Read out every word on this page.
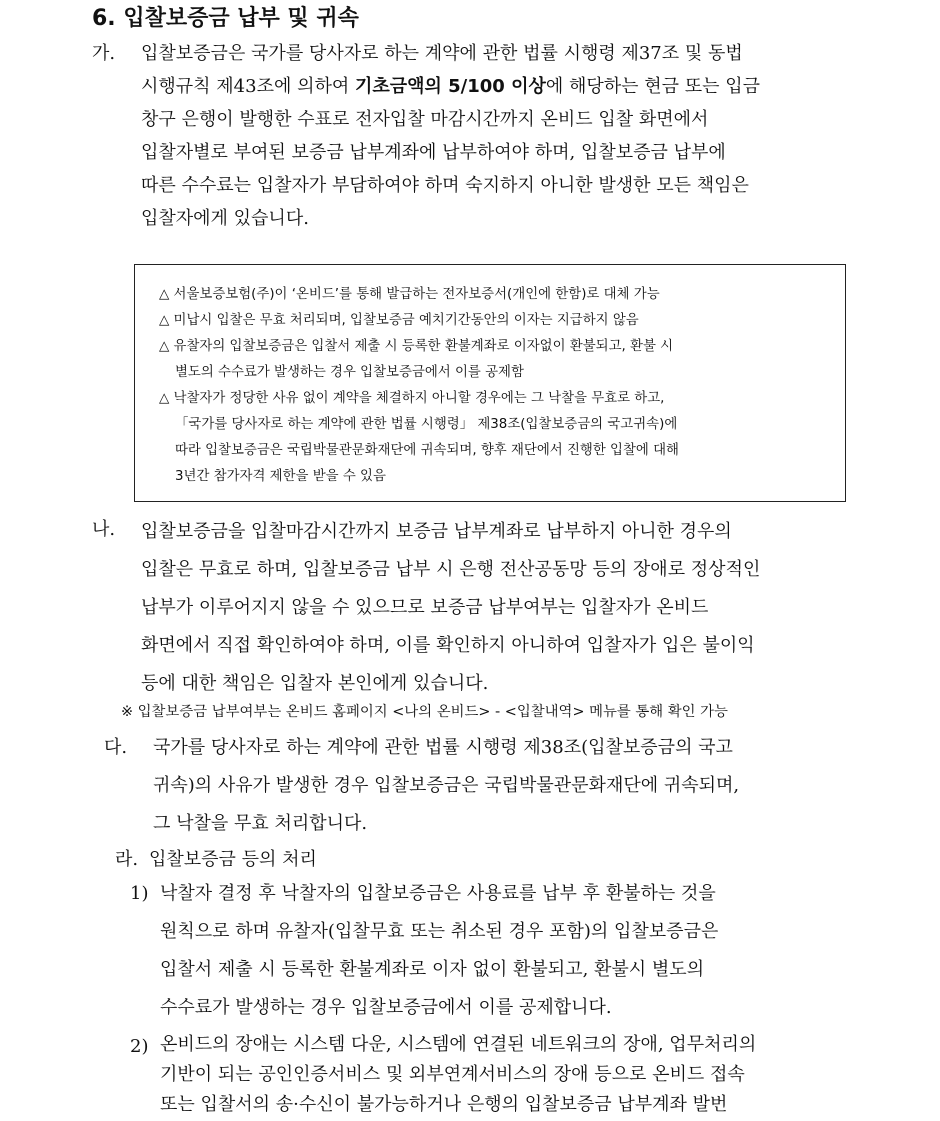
6. 입찰보증금 납부 및 귀속
가. 입찰보증금은 국가를 당사자로 하는 계약에 관한 법률 시행령 제37조 및 동법
시행규칙 제43조에 의하여 기초금액의 5/100 이상에 해당하는 현금 또는 입금
창구 은행이 발행한 수표로 전자입찰 마감시간까지 온비드 입찰 화면에서
입찰자별로 부여된 보증금 납부계좌에 납부하여야 하며, 입찰보증금 납부에
따른 수수료는 입찰자가 부담하여야 하며 숙지하지 아니한 발생한 모든 책임은
입찰자에게 있습니다.
△ 서울보증보험(주)이 ‘온비드’를 통해 발급하는 전자보증서(개인에 한함)로 대체 가능
△ 미납시 입찰은 무효 처리되며, 입찰보증금 예치기간동안의 이자는 지급하지 않음
△ 유찰자의 입찰보증금은 입찰서 제출 시 등록한 환불계좌로 이자없이 환불되고, 환불 시
별도의 수수료가 발생하는 경우 입찰보증금에서 이를 공제함
△ 낙찰자가 정당한 사유 없이 계약을 체결하지 아니할 경우에는 그 낙찰을 무효로 하고,
「국가를 당사자로 하는 계약에 관한 법률 시행령」 제38조(입찰보증금의 국고귀속)에
따라 입찰보증금은 국립박물관문화재단에 귀속되며, 향후 재단에서 진행한 입찰에 대해
3년간 참가자격 제한을 받을 수 있음
나. 입찰보증금을 입찰마감시간까지 보증금 납부계좌로 납부하지 아니한 경우의
입찰은 무효로 하며, 입찰보증금 납부 시 은행 전산공동망 등의 장애로 정상적인
납부가 이루어지지 않을 수 있으므로 보증금 납부여부는 입찰자가 온비드
화면에서 직접 확인하여야 하며, 이를 확인하지 아니하여 입찰자가 입은 불이익
등에 대한 책임은 입찰자 본인에게 있습니다.
※ 입찰보증금 납부여부는 온비드 홈페이지 <나의 온비드> - <입찰내역> 메뉴를 통해 확인 가능
다. 국가를 당사자로 하는 계약에 관한 법률 시행령 제38조(입찰보증금의 국고
귀속)의 사유가 발생한 경우 입찰보증금은 국립박물관문화재단에 귀속되며,
그 낙찰을 무효 처리합니다.
라. 입찰보증금 등의 처리
1) 낙찰자 결정 후 낙찰자의 입찰보증금은 사용료를 납부 후 환불하는 것을
원칙으로 하며 유찰자(입찰무효 또는 취소된 경우 포함)의 입찰보증금은
입찰서 제출 시 등록한 환불계좌로 이자 없이 환불되고, 환불시 별도의
수수료가 발생하는 경우 입찰보증금에서 이를 공제합니다.
2) 온비드의 장애는 시스템 다운, 시스템에 연결된 네트워크의 장애, 업무처리의
기반이 되는 공인인증서비스 및 외부연계서비스의 장애 등으로 온비드 접속
또는 입찰서의 송·수신이 불가능하거나 은행의 입찰보증금 납부계좌 발번
